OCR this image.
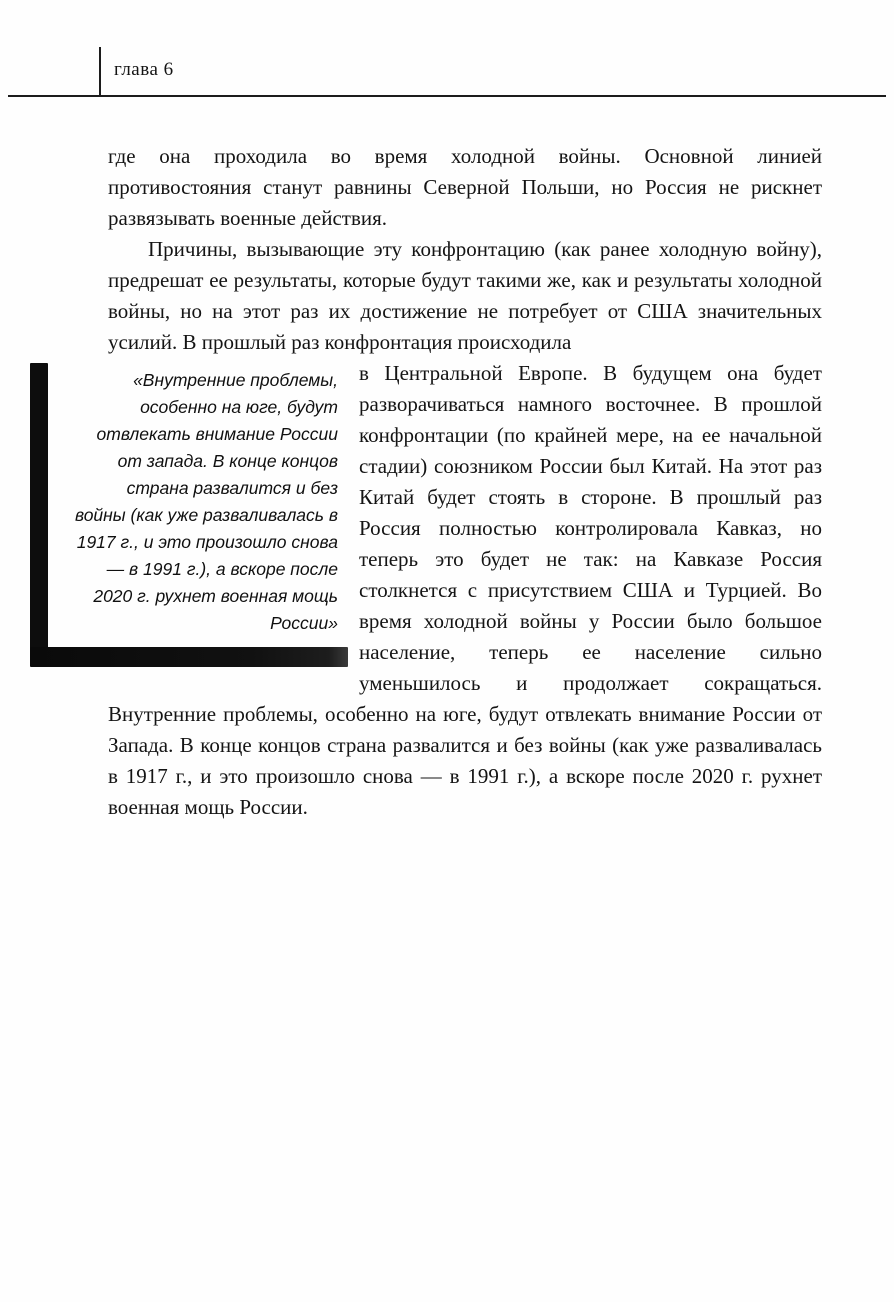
глава 6

где она проходила во время холодной войны. Основной линией противостояния станут равнины Северной Польши, но Россия не рискнет развязывать военные действия.

Причины, вызывающие эту конфронтацию (как ранее холодную войну), предрешат ее результаты, которые будут такими же, как и результаты холодной войны, но на этот раз их достижение не потребует от США значительных усилий. В прошлый раз конфронтация происходила

«Внутренние проблемы, особенно на юге, будут отвлекать внимание России от запада. В конце концов страна развалится и без войны (как уже разваливалась в 1917 г., и это произошло снова — в 1991 г.), а вскоре после 2020 г. рухнет военная мощь России»

в Центральной Европе. В будущем она будет разворачиваться намного восточнее. В прошлой конфронтации (по крайней мере, на ее начальной стадии) союзником России был Китай. На этот раз Китай будет стоять в стороне. В прошлый раз Россия полностью контролировала Кавказ, но теперь это будет не так: на Кавказе Россия столкнется с присутствием США и Турцией. Во время холодной войны у России было большое население, теперь ее население сильно уменьшилось и продолжает сокращаться. Внутренние проблемы, особенно на юге, будут отвлекать внимание России от Запада. В конце концов страна развалится и без войны (как уже разваливалась в 1917 г., и это произошло снова — в 1991 г.), а вскоре после 2020 г. рухнет военная мощь России.
